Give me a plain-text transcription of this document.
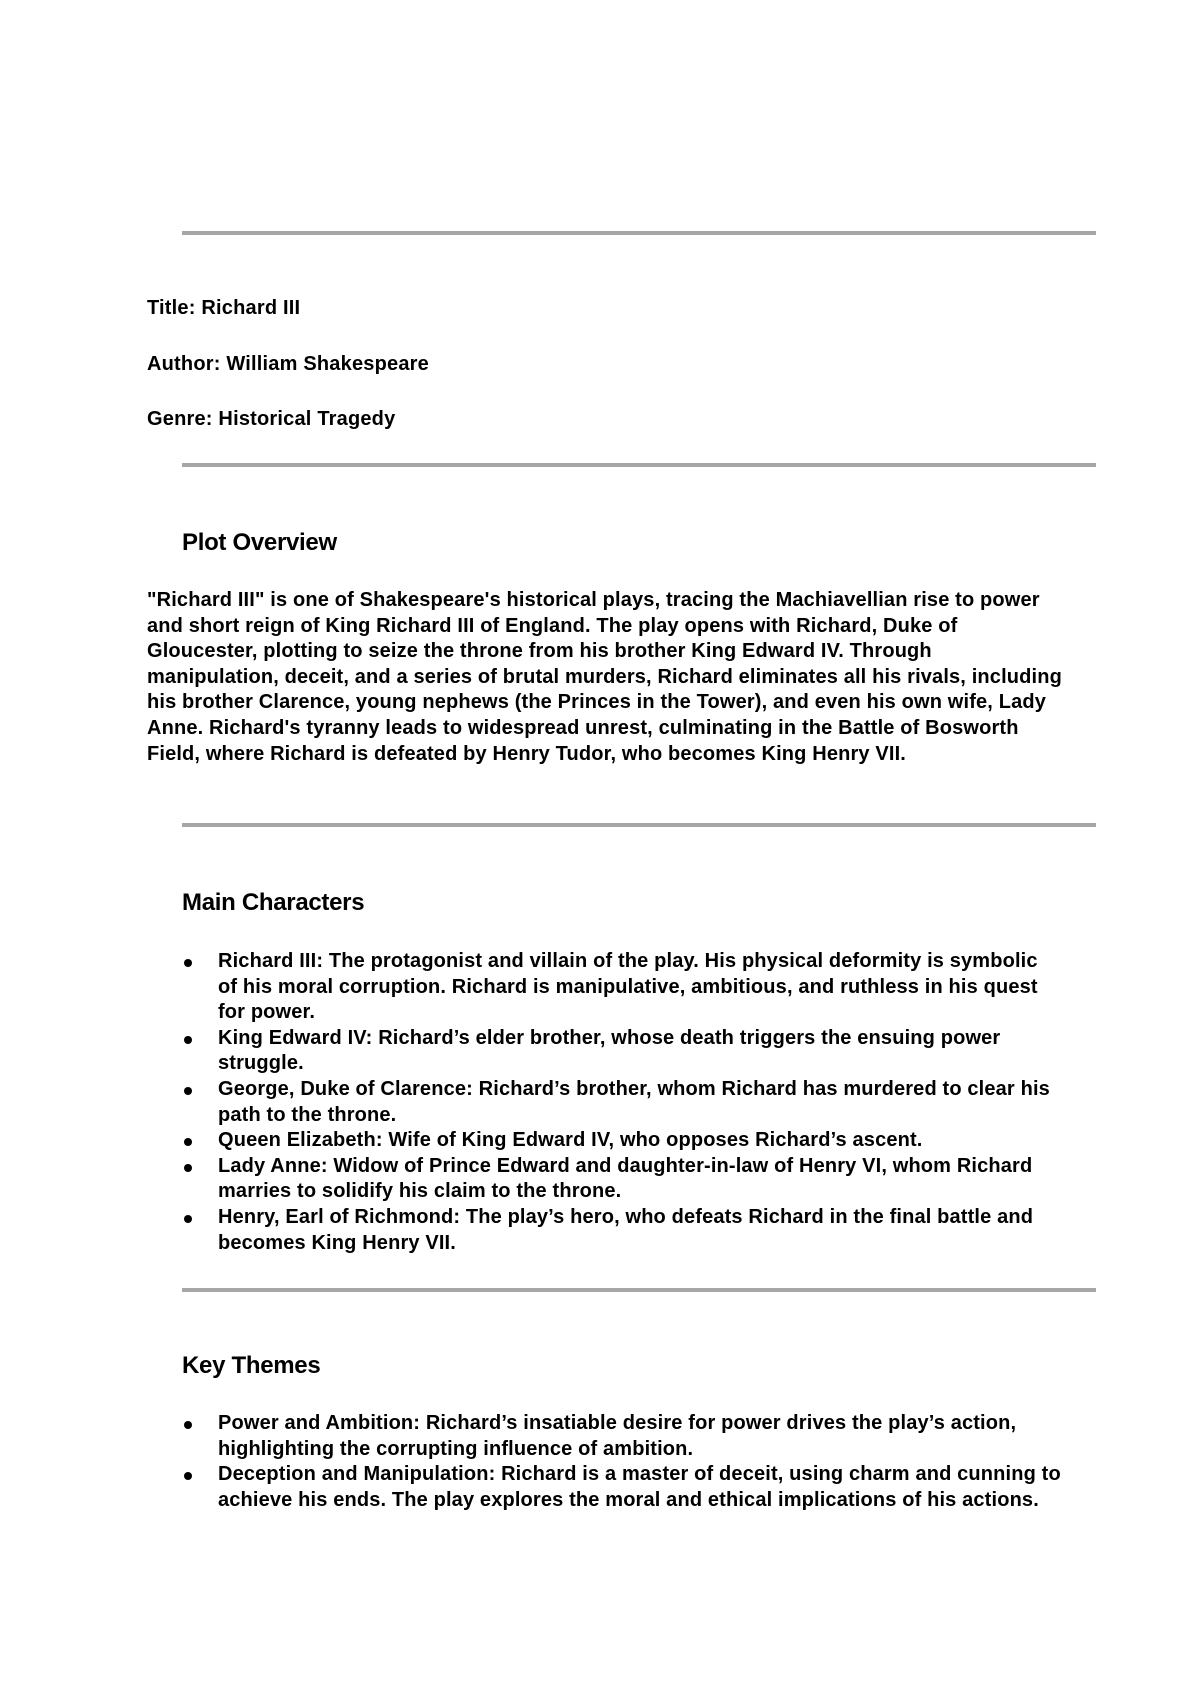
Title: Richard III
Author: William Shakespeare
Genre: Historical Tragedy
Plot Overview

"Richard III" is one of Shakespeare's historical plays, tracing the Machiavellian rise to power and short reign of King Richard III of England. The play opens with Richard, Duke of Gloucester, plotting to seize the throne from his brother King Edward IV. Through manipulation, deceit, and a series of brutal murders, Richard eliminates all his rivals, including his brother Clarence, young nephews (the Princes in the Tower), and even his own wife, Lady Anne. Richard's tyranny leads to widespread unrest, culminating in the Battle of Bosworth Field, where Richard is defeated by Henry Tudor, who becomes King Henry VII.

Main Characters
Richard III: The protagonist and villain of the play. His physical deformity is symbolic of his moral corruption. Richard is manipulative, ambitious, and ruthless in his quest for power.
King Edward IV: Richard’s elder brother, whose death triggers the ensuing power struggle.
George, Duke of Clarence: Richard’s brother, whom Richard has murdered to clear his path to the throne.
Queen Elizabeth: Wife of King Edward IV, who opposes Richard’s ascent.
Lady Anne: Widow of Prince Edward and daughter-in-law of Henry VI, whom Richard marries to solidify his claim to the throne.
Henry, Earl of Richmond: The play’s hero, who defeats Richard in the final battle and becomes King Henry VII.
Key Themes
Power and Ambition: Richard’s insatiable desire for power drives the play’s action, highlighting the corrupting influence of ambition.
Deception and Manipulation: Richard is a master of deceit, using charm and cunning to achieve his ends. The play explores the moral and ethical implications of his actions.
